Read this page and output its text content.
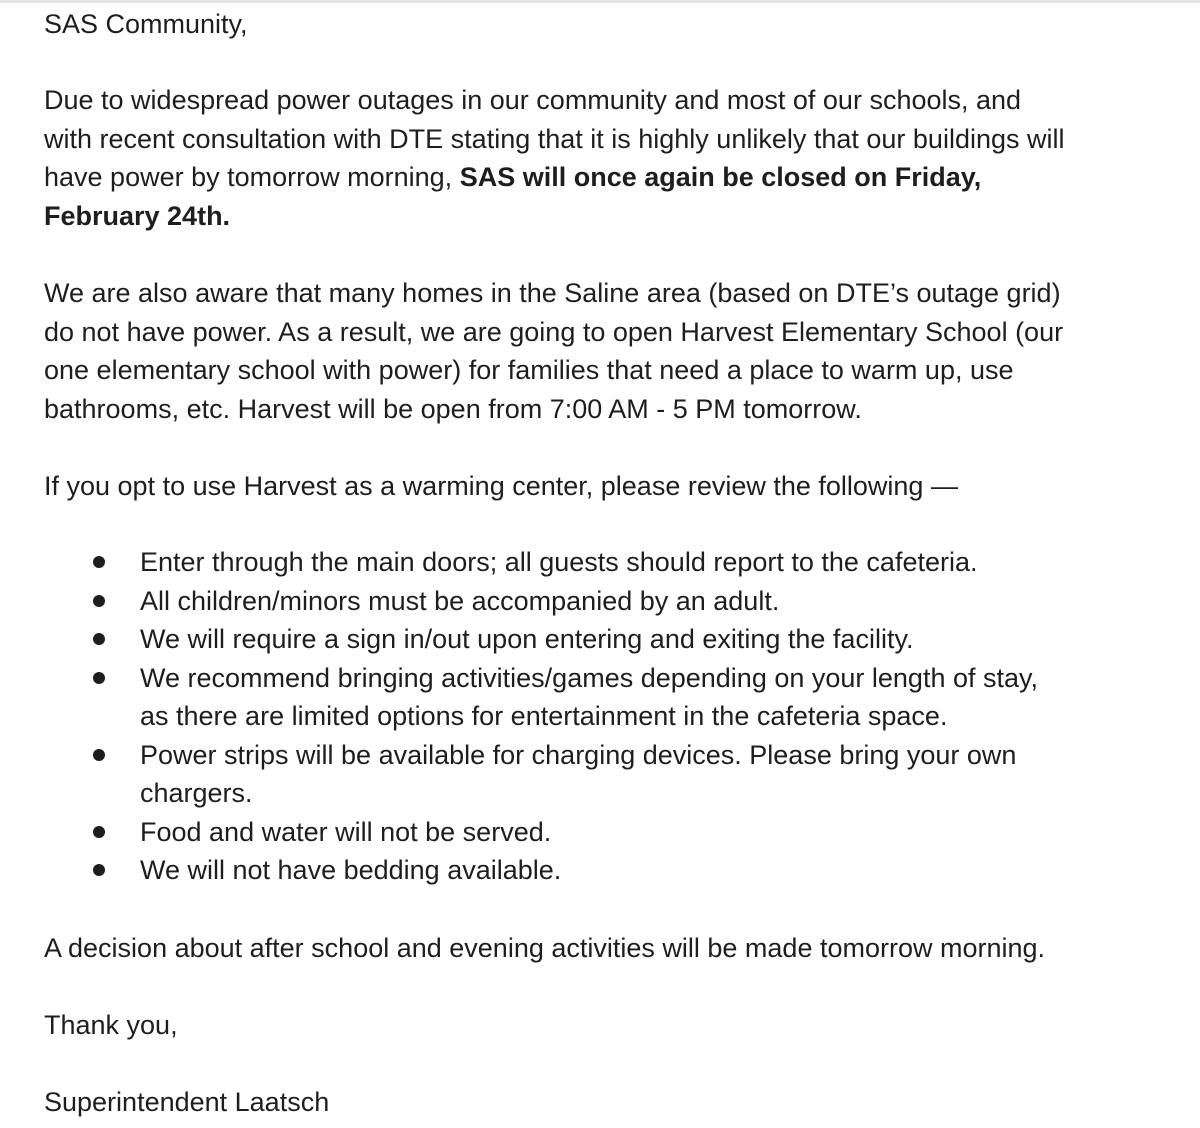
SAS Community,

Due to widespread power outages in our community and most of our schools, and
with recent consultation with DTE stating that it is highly unlikely that our buildings will
have power by tomorrow morning, SAS will once again be closed on Friday,
February 24th.
We are also aware that many homes in the Saline area (based on DTE’s outage grid)
do not have power. As a result, we are going to open Harvest Elementary School (our
one elementary school with power) for families that need a place to warm up, use
bathrooms, etc. Harvest will be open from 7:00 AM - 5 PM tomorrow.

If you opt to use Harvest as a warming center, please review the following —

Enter through the main doors; all guests should report to the cafeteria.
All children/minors must be accompanied by an adult.
We will require a sign in/out upon entering and exiting the facility.
We recommend bringing activities/games depending on your length of stay,
as there are limited options for entertainment in the cafeteria space.
Power strips will be available for charging devices. Please bring your own
chargers.
Food and water will not be served.
We will not have bedding available.

A decision about after school and evening activities will be made tomorrow morning.

Thank you,

Superintendent Laatsch
